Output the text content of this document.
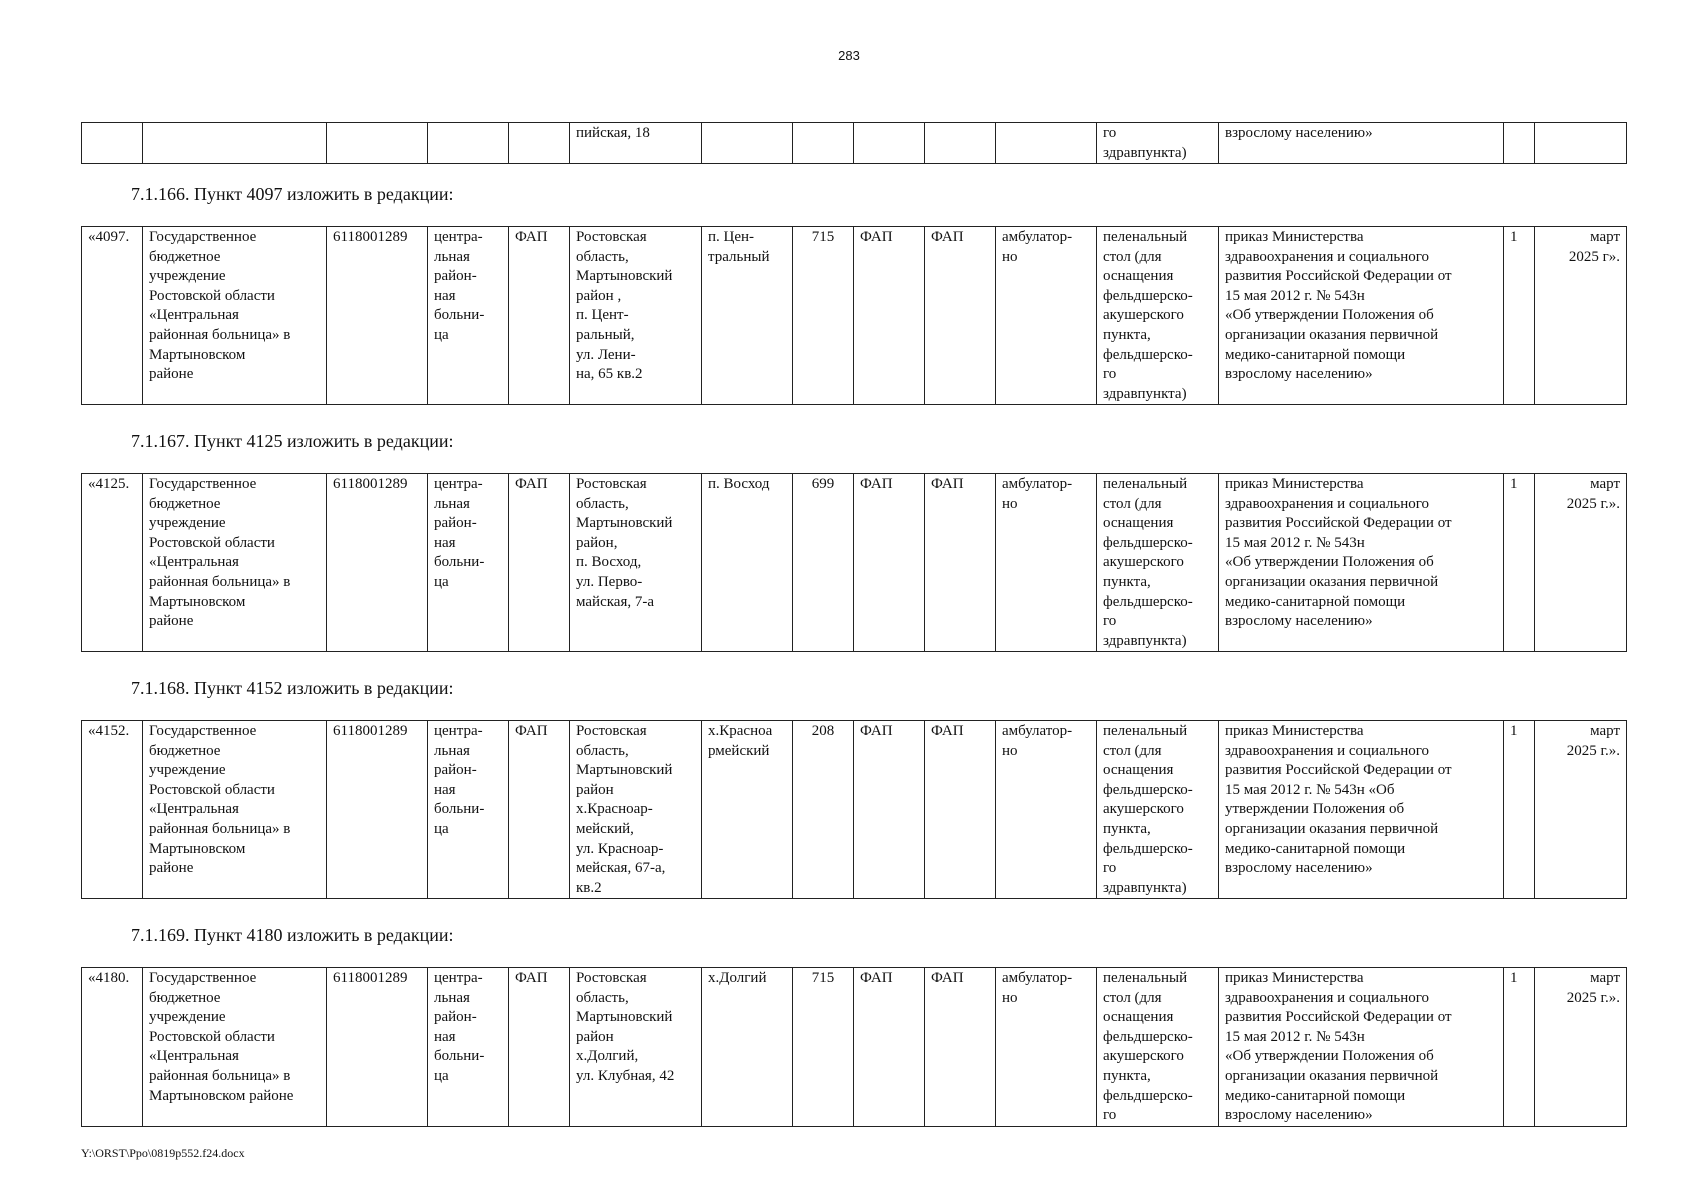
283
					пийская, 18						го
здравпункта)	взрослому населению»		
7.1.166. Пункт 4097 изложить в редакции:
«4097.	Государственное
бюджетное
учреждение
Ростовской области
«Центральная
районная больница» в
Мартыновском
районе	6118001289	центра-
льная
район-
ная
больни-
ца	ФАП	Ростовская
область,
Мартыновский
район ,
п. Цент-
ральный,
ул. Лени-
на, 65 кв.2	п. Цен-
тральный	715	ФАП	ФАП	амбулатор-
но	пеленальный
стол (для
оснащения
фельдшерско-
акушерского
пункта,
фельдшерско-
го
здравпункта)	приказ Министерства
здравоохранения и социального
развития Российской Федерации от
15 мая 2012 г. № 543н
«Об утверждении Положения об
организации оказания первичной
медико-санитарной помощи
взрослому населению»	1	март
2025 г».
7.1.167. Пункт 4125 изложить в редакции:
«4125.	Государственное
бюджетное
учреждение
Ростовской области
«Центральная
районная больница» в
Мартыновском
районе	6118001289	центра-
льная
район-
ная
больни-
ца	ФАП	Ростовская
область,
Мартыновский
район,
п. Восход,
ул. Перво-
майская, 7-а	п. Восход	699	ФАП	ФАП	амбулатор-
но	пеленальный
стол (для
оснащения
фельдшерско-
акушерского
пункта,
фельдшерско-
го
здравпункта)	приказ Министерства
здравоохранения и социального
развития Российской Федерации от
15 мая 2012 г. № 543н
«Об утверждении Положения об
организации оказания первичной
медико-санитарной помощи
взрослому населению»	1	март
2025 г.».
7.1.168. Пункт 4152 изложить в редакции:
«4152.	Государственное
бюджетное
учреждение
Ростовской области
«Центральная
районная больница» в
Мартыновском
районе	6118001289	центра-
льная
район-
ная
больни-
ца	ФАП	Ростовская
область,
Мартыновский
район
х.Красноар-
мейский,
ул. Красноар-
мейская, 67-а,
кв.2	х.Красноа
рмейский	208	ФАП	ФАП	амбулатор-
но	пеленальный
стол (для
оснащения
фельдшерско-
акушерского
пункта,
фельдшерско-
го
здравпункта)	приказ Министерства
здравоохранения и социального
развития Российской Федерации от
15 мая 2012 г. № 543н «Об
утверждении Положения об
организации оказания первичной
медико-санитарной помощи
взрослому населению»	1	март
2025 г.».
7.1.169. Пункт 4180 изложить в редакции:
«4180.	Государственное
бюджетное
учреждение
Ростовской области
«Центральная
районная больница» в
Мартыновском районе	6118001289	центра-
льная
район-
ная
больни-
ца	ФАП	Ростовская
область,
Мартыновский
район
х.Долгий,
ул. Клубная, 42	х.Долгий	715	ФАП	ФАП	амбулатор-
но	пеленальный
стол (для
оснащения
фельдшерско-
акушерского
пункта,
фельдшерско-
го	приказ Министерства
здравоохранения и социального
развития Российской Федерации от
15 мая 2012 г. № 543н
«Об утверждении Положения об
организации оказания первичной
медико-санитарной помощи
взрослому населению»	1	март
2025 г.».
Y:\ORST\Ppo\0819p552.f24.docx
